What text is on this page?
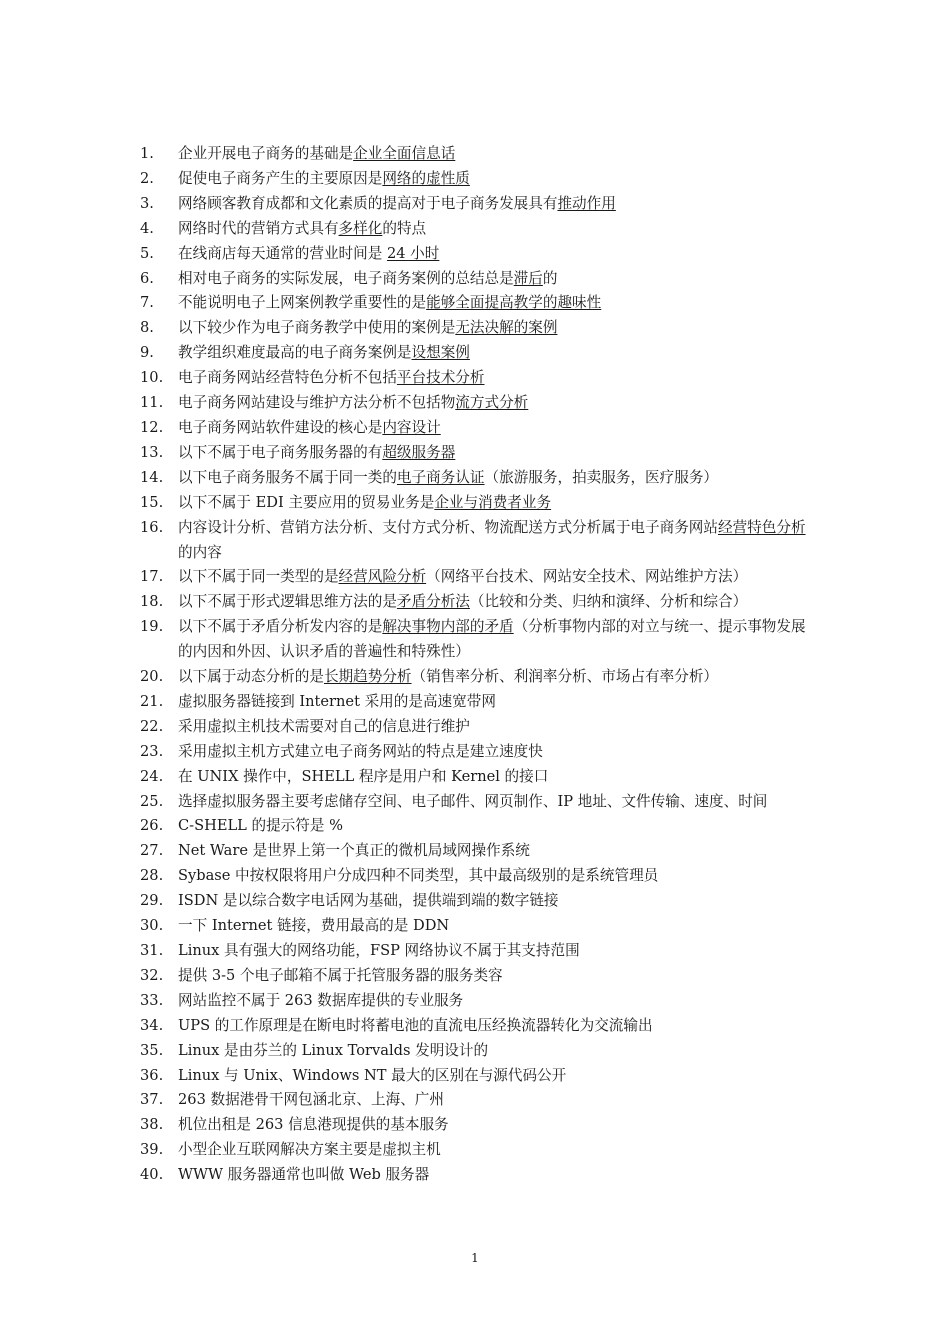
1.	企业开展电子商务的基础是企业全面信息话
2.	促使电子商务产生的主要原因是网络的虚性质
3.	网络顾客教育成都和文化素质的提高对于电子商务发展具有推动作用
4.	网络时代的营销方式具有多样化的特点
5.	在线商店每天通常的营业时间是 24 小时
6.	相对电子商务的实际发展，电子商务案例的总结总是滞后的
7.	不能说明电子上网案例教学重要性的是能够全面提高教学的趣味性
8.	以下较少作为电子商务教学中使用的案例是无法决解的案例
9.	教学组织难度最高的电子商务案例是设想案例
10.	电子商务网站经营特色分析不包括平台技术分析
11.	电子商务网站建设与维护方法分析不包括物流方式分析
12.	电子商务网站软件建设的核心是内容设计
13.	以下不属于电子商务服务器的有超级服务器
14.	以下电子商务服务不属于同一类的电子商务认证（旅游服务，拍卖服务，医疗服务）
15.	以下不属于 EDI 主要应用的贸易业务是企业与消费者业务
16.	内容设计分析、营销方法分析、支付方式分析、物流配送方式分析属于电子商务网站经营特色分析的内容
17.	以下不属于同一类型的是经营风险分析（网络平台技术、网站安全技术、网站维护方法）
18.	以下不属于形式逻辑思维方法的是矛盾分析法（比较和分类、归纳和演绎、分析和综合）
19.	以下不属于矛盾分析发内容的是解决事物内部的矛盾（分析事物内部的对立与统一、提示事物发展的内因和外因、认识矛盾的普遍性和特殊性）
20.	以下属于动态分析的是长期趋势分析（销售率分析、利润率分析、市场占有率分析）
21.	虚拟服务器链接到 Internet 采用的是高速宽带网
22.	采用虚拟主机技术需要对自己的信息进行维护
23.	采用虚拟主机方式建立电子商务网站的特点是建立速度快
24.	在 UNIX 操作中，SHELL 程序是用户和 Kernel 的接口
25.	选择虚拟服务器主要考虑储存空间、电子邮件、网页制作、IP 地址、文件传输、速度、时间
26.	C-SHELL 的提示符是 %
27.	Net Ware 是世界上第一个真正的微机局域网操作系统
28.	Sybase 中按权限将用户分成四种不同类型，其中最高级别的是系统管理员
29.	ISDN 是以综合数字电话网为基础，提供端到端的数字链接
30.	一下 Internet 链接，费用最高的是 DDN
31.	Linux 具有强大的网络功能，FSP 网络协议不属于其支持范围
32.	提供 3-5 个电子邮箱不属于托管服务器的服务类容
33.	网站监控不属于 263 数据库提供的专业服务
34.	UPS 的工作原理是在断电时将蓄电池的直流电压经换流器转化为交流输出
35.	Linux 是由芬兰的 Linux Torvalds 发明设计的
36.	Linux 与 Unix、Windows NT 最大的区别在与源代码公开
37.	263 数据港骨干网包涵北京、上海、广州
38.	机位出租是 263 信息港现提供的基本服务
39.	小型企业互联网解决方案主要是虚拟主机
40.	WWW 服务器通常也叫做 Web 服务器
1
